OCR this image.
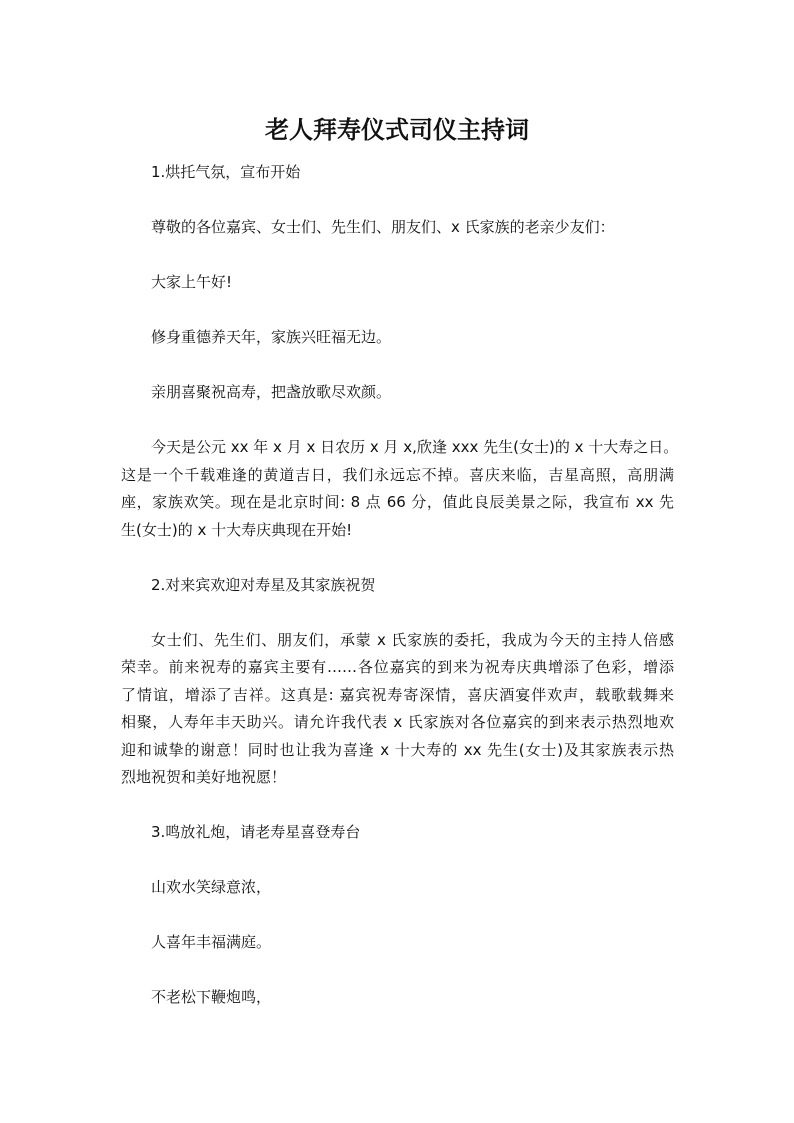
老人拜寿仪式司仪主持词
1.烘托气氛，宣布开始
尊敬的各位嘉宾、女士们、先生们、朋友们、x 氏家族的老亲少友们：
大家上午好!
修身重德养天年，家族兴旺福无边。
亲朋喜聚祝高寿，把盏放歌尽欢颜。
今天是公元 xx 年 x 月 x 日农历 x 月 x,欣逢 xxx 先生(女士)的 x 十大寿之日。
这是一个千载难逢的黄道吉日，我们永远忘不掉。喜庆来临，吉星高照，高朋满
座，家族欢笑。现在是北京时间: 8 点 66 分，值此良辰美景之际，我宣布 xx 先
生(女士)的 x 十大寿庆典现在开始!
2.对来宾欢迎对寿星及其家族祝贺
女士们、先生们、朋友们，承蒙 x 氏家族的委托，我成为今天的主持人倍感
荣幸。前来祝寿的嘉宾主要有……各位嘉宾的到来为祝寿庆典增添了色彩，增添
了情谊，增添了吉祥。这真是: 嘉宾祝寿寄深情，喜庆酒宴伴欢声，载歌载舞来
相聚，人寿年丰天助兴。请允许我代表 x 氏家族对各位嘉宾的到来表示热烈地欢
迎和诚挚的谢意！同时也让我为喜逢 x 十大寿的 xx 先生(女士)及其家族表示热
烈地祝贺和美好地祝愿！
3.鸣放礼炮，请老寿星喜登寿台
山欢水笑绿意浓，
人喜年丰福满庭。
不老松下鞭炮鸣，
